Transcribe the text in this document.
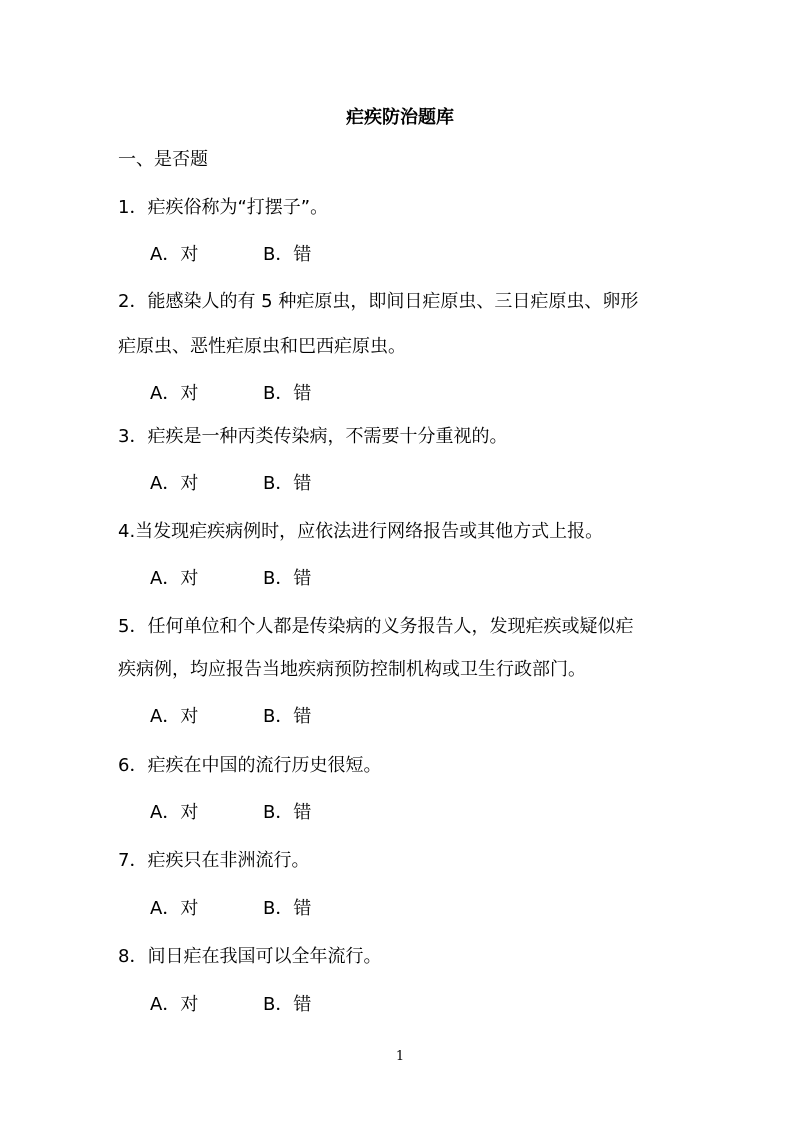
疟疾防治题库
一、是否题
1．疟疾俗称为“打摆子”。
A．对	B．错
2．能感染人的有 5 种疟原虫，即间日疟原虫、三日疟原虫、卵形
疟原虫、恶性疟原虫和巴西疟原虫。
A．对	B．错
3．疟疾是一种丙类传染病，不需要十分重视的。
A．对	B．错
4.当发现疟疾病例时，应依法进行网络报告或其他方式上报。
A．对	B．错
5．任何单位和个人都是传染病的义务报告人，发现疟疾或疑似疟
疾病例，均应报告当地疾病预防控制机构或卫生行政部门。
A．对	B．错
6．疟疾在中国的流行历史很短。
A．对	B．错
7．疟疾只在非洲流行。
A．对	B．错
8．间日疟在我国可以全年流行。
A．对	B．错
1
